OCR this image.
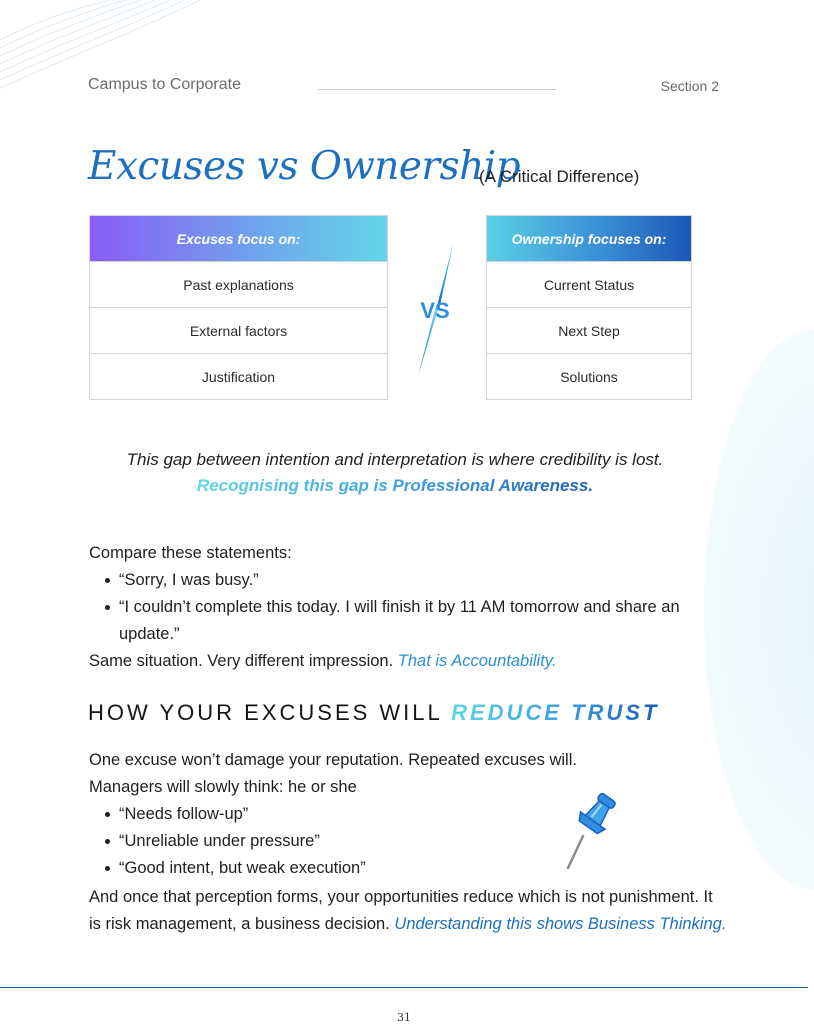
Campus to Corporate	Section 2
Excuses vs Ownership
(A Critical Difference)
Excuses focus on:
Past explanations
External factors
Justification
VS
Ownership focuses on:
Current Status
Next Step
Solutions
This gap between intention and interpretation is where credibility is lost. Recognising this gap is Professional Awareness.
Compare these statements:
“Sorry, I was busy.”
“I couldn’t complete this today. I will finish it by 11 AM tomorrow and share an update.”
Same situation. Very different impression. That is Accountability.
HOW YOUR EXCUSES WILL REDUCE TRUST
One excuse won’t damage your reputation. Repeated excuses will.
Managers will slowly think: he or she
“Needs follow-up”
“Unreliable under pressure”
“Good intent, but weak execution”
And once that perception forms, your opportunities reduce which is not punishment. It is risk management, a business decision. Understanding this shows Business Thinking.
31
